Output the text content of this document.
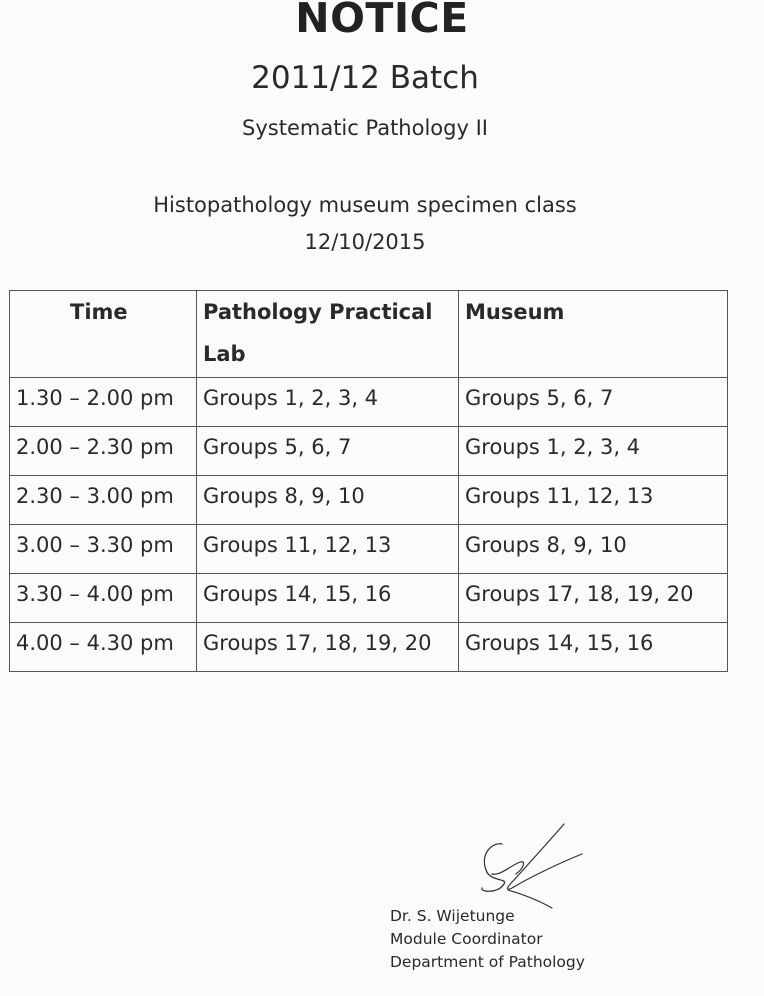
NOTICE
2011/12 Batch
Systematic Pathology II
Histopathology museum specimen class
12/10/2015
Time	Pathology Practical Lab	Museum
1.30 – 2.00 pm	Groups 1, 2, 3, 4	Groups 5, 6, 7
2.00 – 2.30 pm	Groups 5, 6, 7	Groups 1, 2, 3, 4
2.30 – 3.00 pm	Groups 8, 9, 10	Groups 11, 12, 13
3.00 – 3.30 pm	Groups 11, 12, 13	Groups 8, 9, 10
3.30 – 4.00 pm	Groups 14, 15, 16	Groups 17, 18, 19, 20
4.00 – 4.30 pm	Groups 17, 18, 19, 20	Groups 14, 15, 16
Dr. S. Wijetunge
Module Coordinator
Department of Pathology
